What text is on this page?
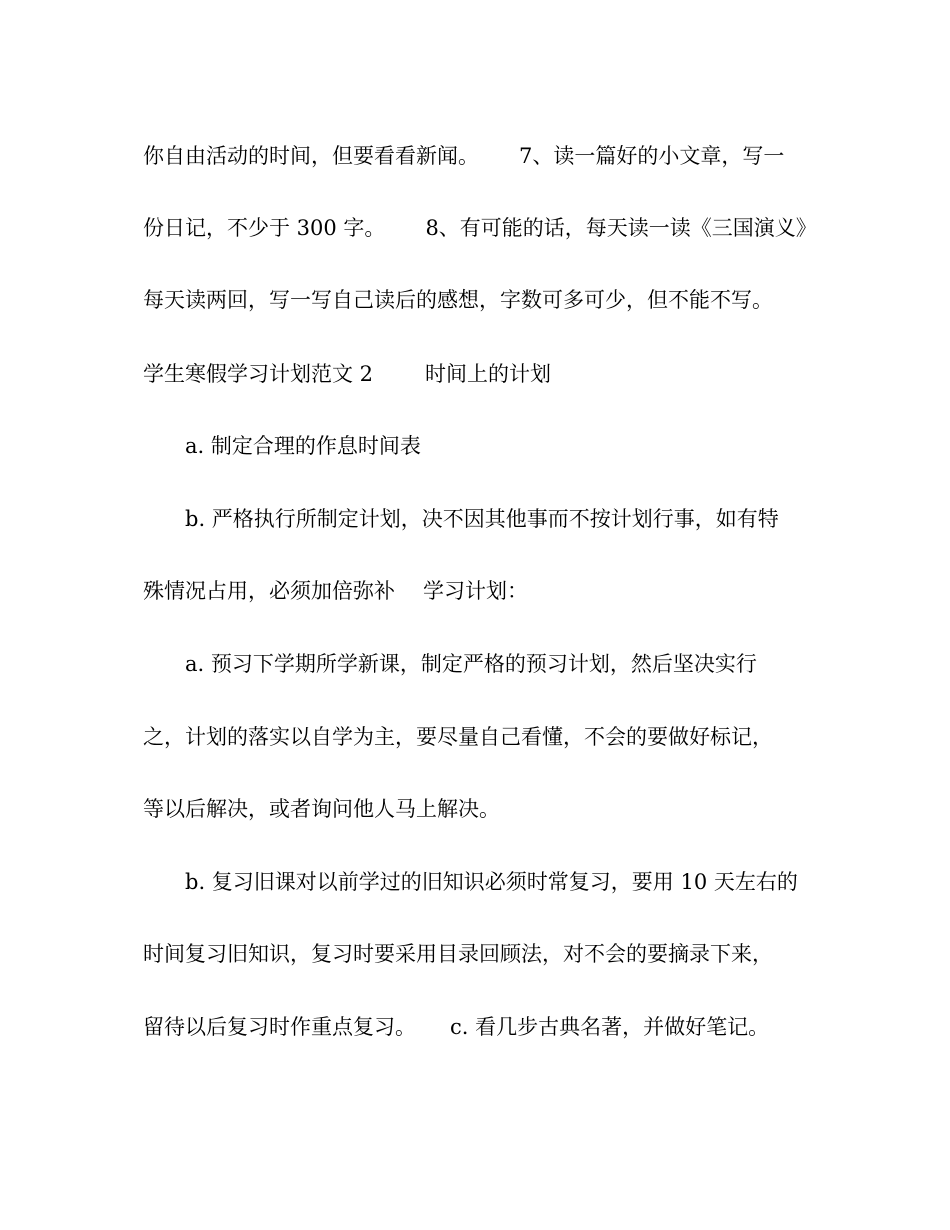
你自由活动的时间，但要看看新闻。 7、读一篇好的小文章，写一
份日记，不少于 300 字。 8、有可能的话，每天读一读《三国演义》
每天读两回，写一写自己读后的感想，字数可多可少，但不能不写。
学生寒假学习计划范文 2 时间上的计划
a. 制定合理的作息时间表
b. 严格执行所制定计划，决不因其他事而不按计划行事，如有特
殊情况占用，必须加倍弥补 学习计划：
a. 预习下学期所学新课，制定严格的预习计划，然后坚决实行
之，计划的落实以自学为主，要尽量自己看懂，不会的要做好标记，
等以后解决，或者询问他人马上解决。
b. 复习旧课对以前学过的旧知识必须时常复习，要用 10 天左右的
时间复习旧知识，复习时要采用目录回顾法，对不会的要摘录下来，
留待以后复习时作重点复习。 c. 看几步古典名著，并做好笔记。
